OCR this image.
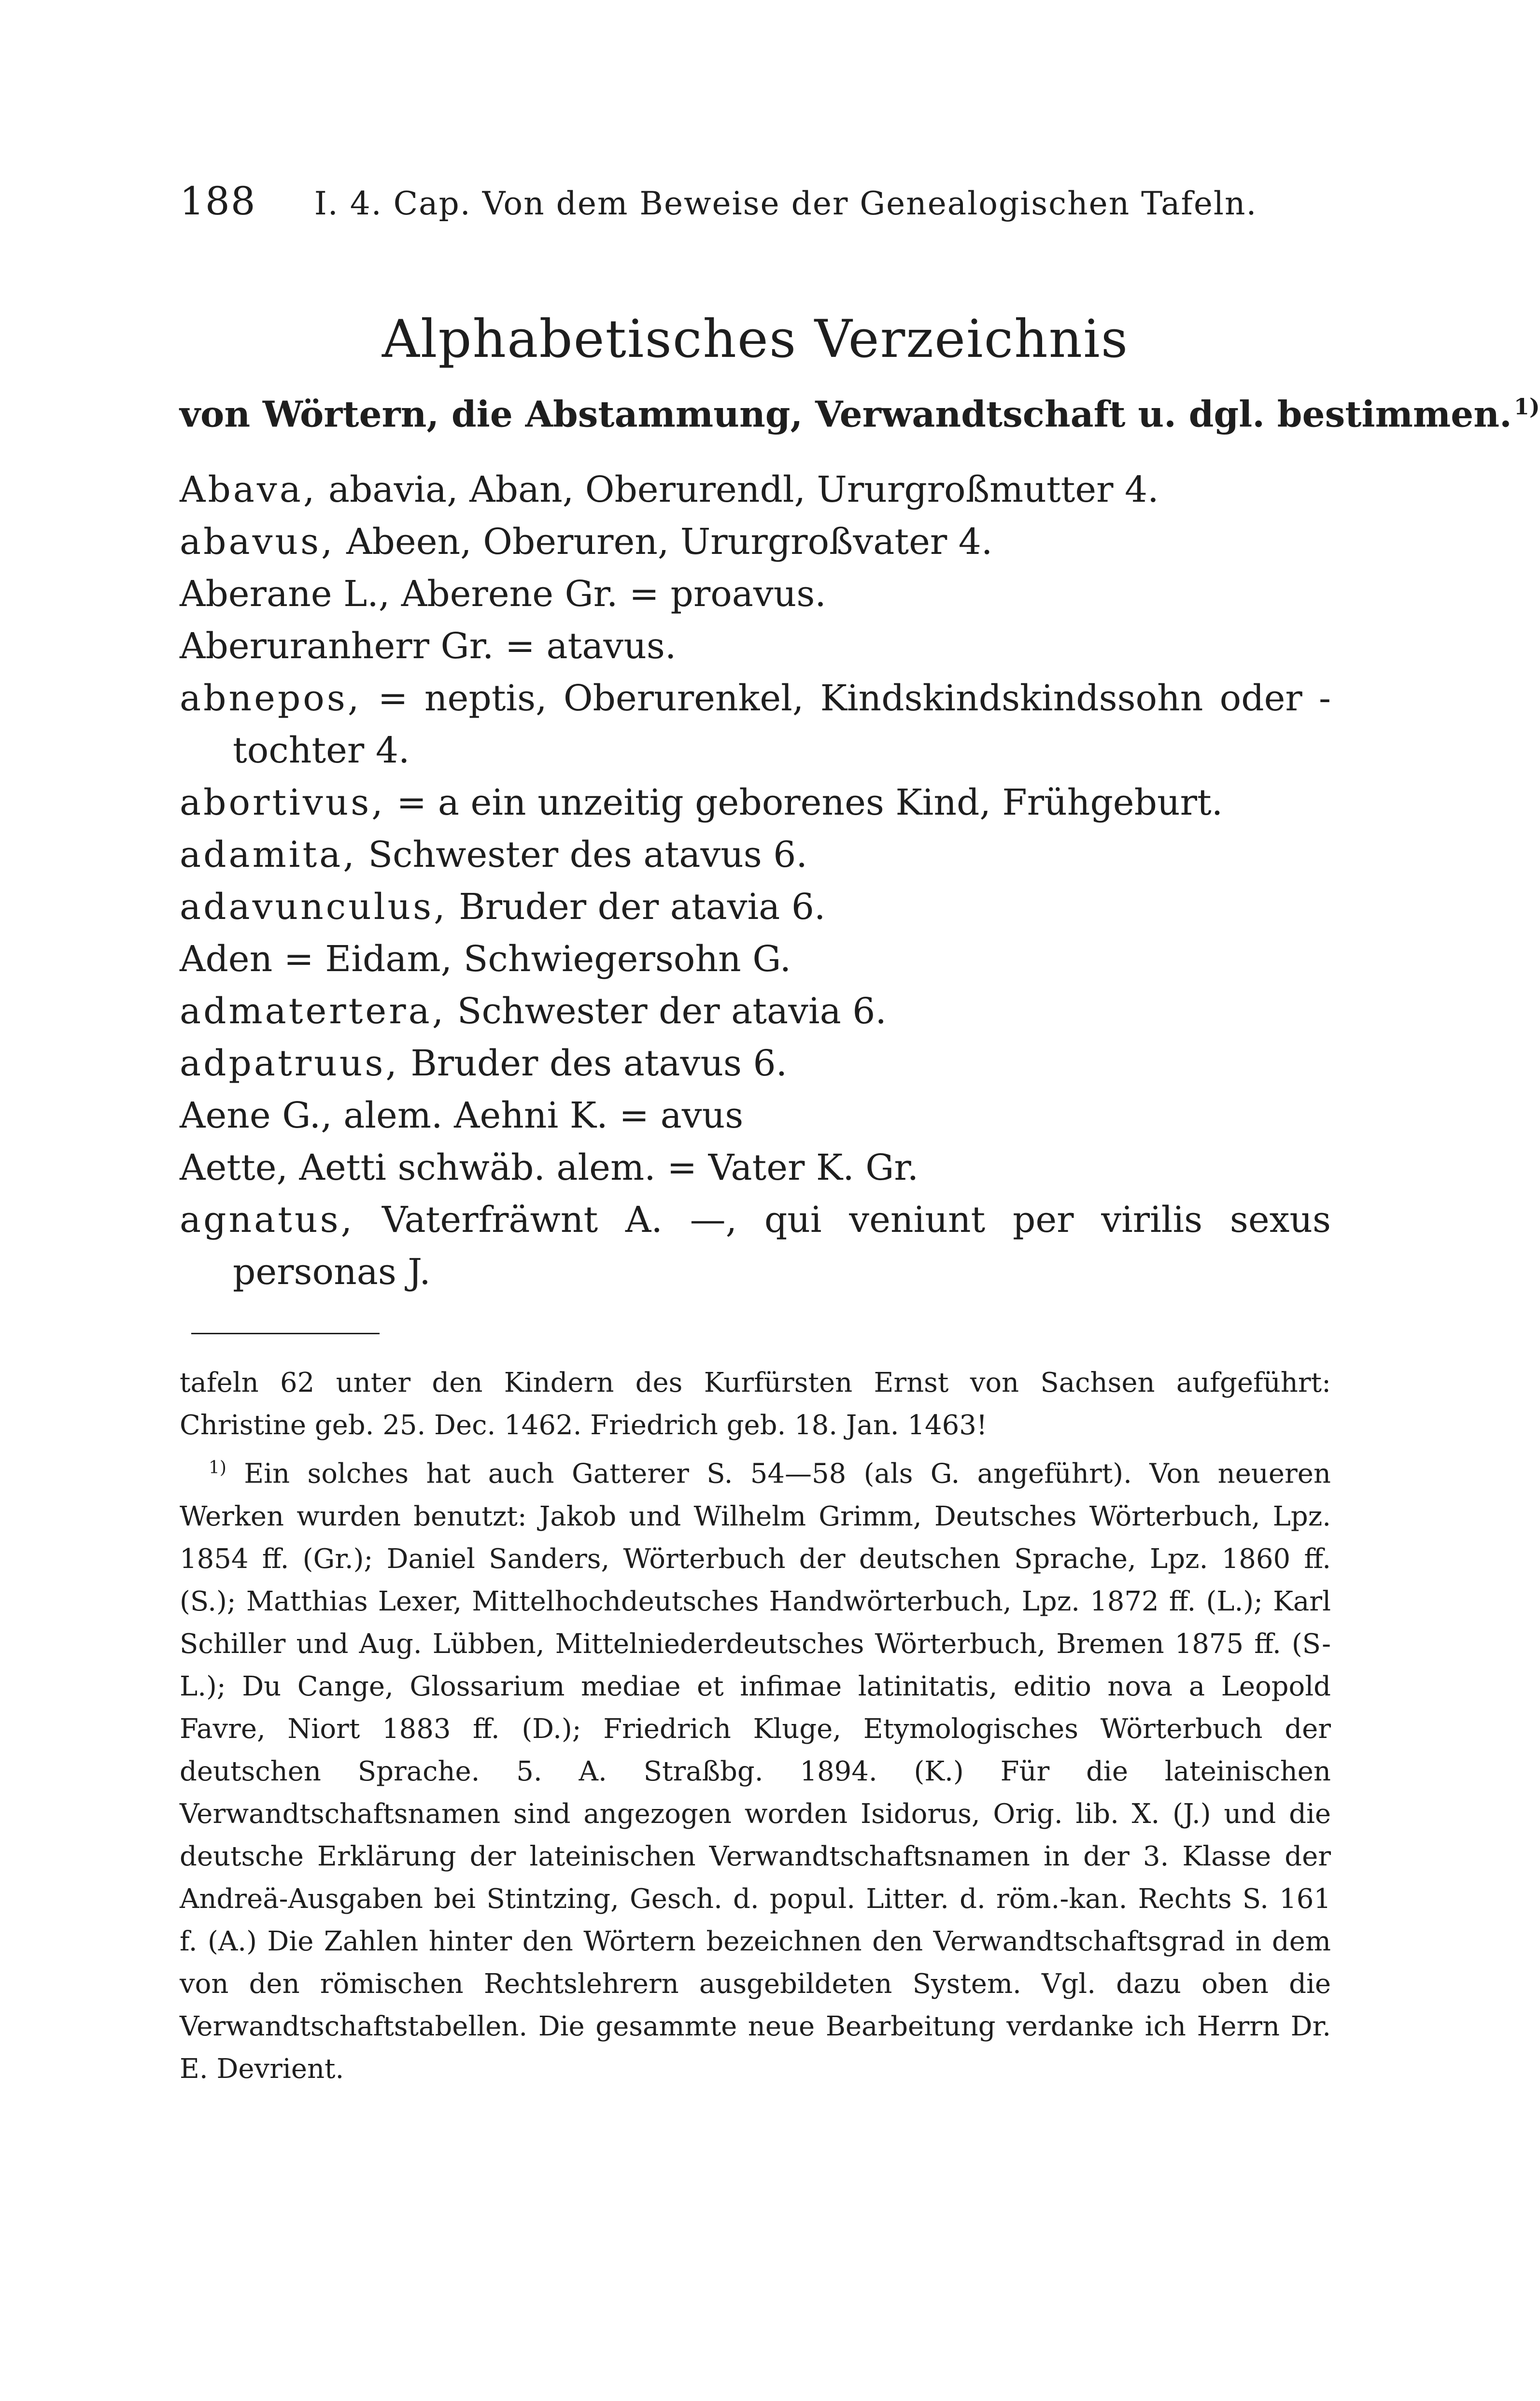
188 I. 4. Cap. Von dem Beweise der Genealogischen Tafeln.
Alphabetisches Verzeichnis
von Wörtern, die Abstammung, Verwandtschaft u. dgl. bestimmen.$^{1)}$
Abava, abavia, Aban, Oberurendl, Ururgroßmutter 4.
abavus, Abeen, Oberuren, Ururgroßvater 4.
Aberane L., Aberene Gr. = proavus.
Aberuranherr Gr. = atavus.
abnepos, = neptis, Oberurenkel, Kindskindskindssohn oder -tochter 4.
abortivus, = a ein unzeitig geborenes Kind, Frühgeburt.
adamita, Schwester des atavus 6.
adavunculus, Bruder der atavia 6.
Aden = Eidam, Schwiegersohn G.
admatertera, Schwester der atavia 6.
adpatruus, Bruder des atavus 6.
Aene G., alem. Aehni K. = avus
Aette, Aetti schwäb. alem. = Vater K. Gr.
agnatus, Vaterfräwnt A. —, qui veniunt per virilis sexus personas J.

tafeln 62 unter den Kindern des Kurfürsten Ernst von Sachsen aufgeführt: Christine geb. 25. Dec. 1462. Friedrich geb. 18. Jan. 1463!

$^{1)}$ Ein solches hat auch Gatterer S. 54—58 (als G. angeführt). Von neueren Werken wurden benutzt: Jakob und Wilhelm Grimm, Deutsches Wörterbuch, Lpz. 1854 ff. (Gr.); Daniel Sanders, Wörterbuch der deutschen Sprache, Lpz. 1860 ff. (S.); Matthias Lexer, Mittelhochdeutsches Handwörterbuch, Lpz. 1872 ff. (L.); Karl Schiller und Aug. Lübben, Mittelniederdeutsches Wörterbuch, Bremen 1875 ff. (S-L.); Du Cange, Glossarium mediae et infimae latinitatis, editio nova a Leopold Favre, Niort 1883 ff. (D.); Friedrich Kluge, Etymologisches Wörterbuch der deutschen Sprache. 5. A. Straßbg. 1894. (K.) Für die lateinischen Verwandtschaftsnamen sind angezogen worden Isidorus, Orig. lib. X. (J.) und die deutsche Erklärung der lateinischen Verwandtschaftsnamen in der 3. Klasse der Andreä-Ausgaben bei Stintzing, Gesch. d. popul. Litter. d. röm.-kan. Rechts S. 161 f. (A.) Die Zahlen hinter den Wörtern bezeichnen den Verwandtschaftsgrad in dem von den römischen Rechtslehrern ausgebildeten System. Vgl. dazu oben die Verwandtschaftstabellen. Die gesammte neue Bearbeitung verdanke ich Herrn Dr. E. Devrient.
